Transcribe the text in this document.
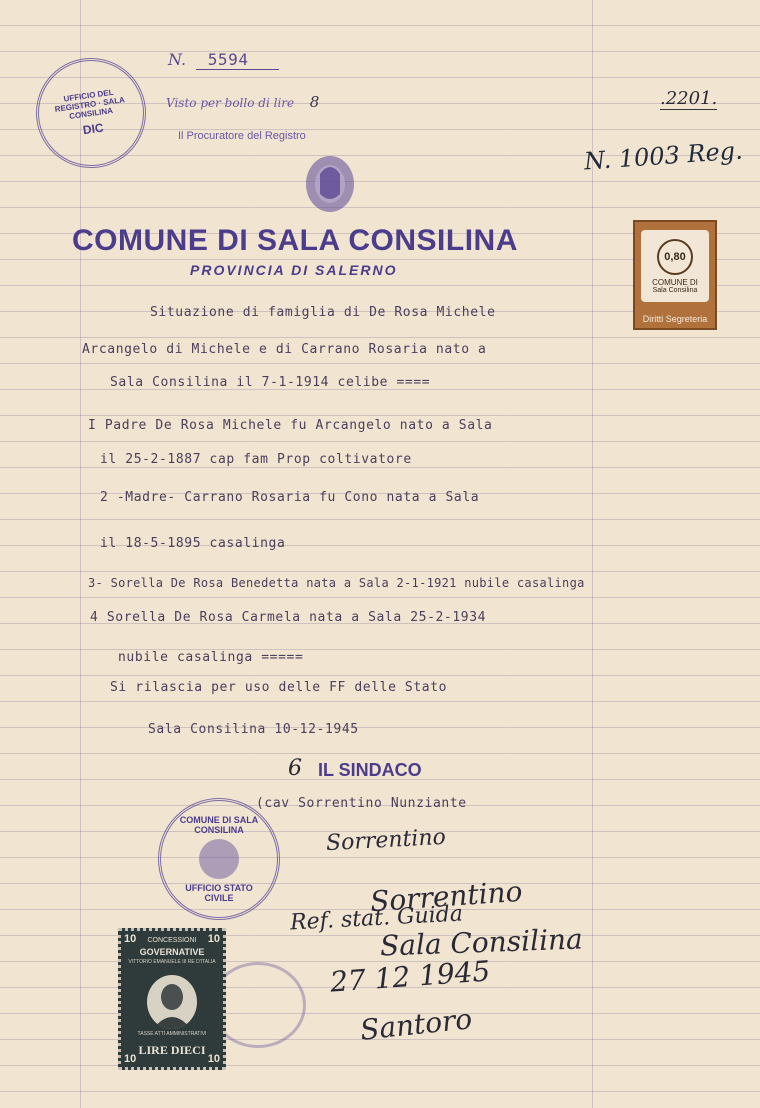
UFFICIO DEL REGISTRO · SALA CONSILINA
DIC
N. 5594
Visto per bollo di lire 8
Il Procuratore del Registro
.2201.
N. 1003 Reg.
COMUNE DI SALA CONSILINA
PROVINCIA DI SALERNO
0,80
COMUNE DI
Sala Consilina
Diritti Segreteria
Situazione di famiglia di De Rosa Michele
Arcangelo di Michele e di Carrano Rosaria nato a
Sala Consilina il 7-1-1914 celibe ====
I Padre De Rosa Michele fu Arcangelo nato a Sala
il 25-2-1887 cap fam Prop coltivatore
2 -Madre- Carrano Rosaria fu Cono nata a Sala
il 18-5-1895 casalinga
3- Sorella De Rosa Benedetta nata a Sala 2-1-1921 nubile casalinga
4 Sorella De Rosa Carmela nata a Sala 25-2-1934
nubile casalinga =====
Si rilascia per uso delle FF delle Stato
Sala Consilina 10-12-1945
6 IL SINDACO
(cav Sorrentino Nunziante
Sorrentino
COMUNE DI SALA CONSILINA
UFFICIO STATO CIVILE	Sorrentino
Ref. stat. Guida
Sala Consilina
27 12 1945
Santoro
10	10
CONCESSIONI
GOVERNATIVE
VITTORIO EMANUELE III RE D'ITALIA
TASSE ATTI AMMINISTRATIVI
LIRE DIECI
10	10
